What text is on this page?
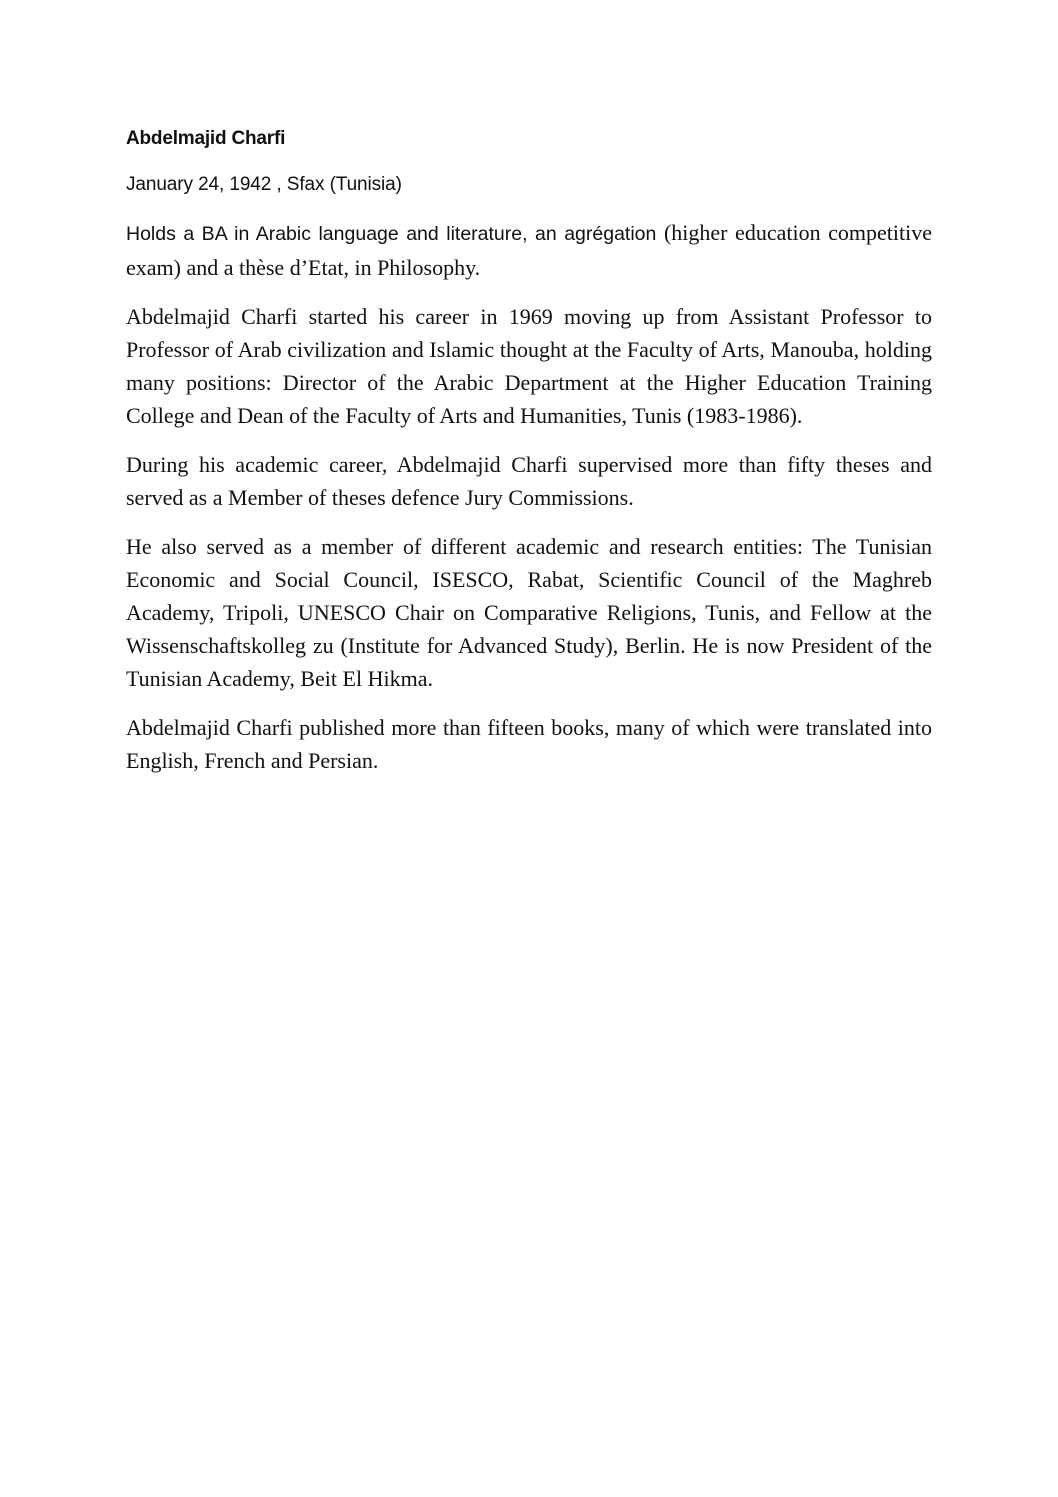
Abdelmajid Charfi

January 24, 1942 , Sfax (Tunisia)

Holds a BA in Arabic language and literature, an agrégation (higher education competitive exam) and a thèse d’Etat, in Philosophy.

Abdelmajid Charfi started his career in 1969 moving up from Assistant Professor to Professor of Arab civilization and Islamic thought at the Faculty of Arts, Manouba, holding many positions: Director of the Arabic Department at the Higher Education Training College and Dean of the Faculty of Arts and Humanities, Tunis (1983-1986).

During his academic career, Abdelmajid Charfi supervised more than fifty theses and served as a Member of theses defence Jury Commissions.

He also served as a member of different academic and research entities: The Tunisian Economic and Social Council, ISESCO, Rabat, Scientific Council of the Maghreb Academy, Tripoli, UNESCO Chair on Comparative Religions, Tunis, and Fellow at the Wissenschaftskolleg zu (Institute for Advanced Study), Berlin. He is now President of the Tunisian Academy, Beit El Hikma.

Abdelmajid Charfi published more than fifteen books, many of which were translated into English, French and Persian.
